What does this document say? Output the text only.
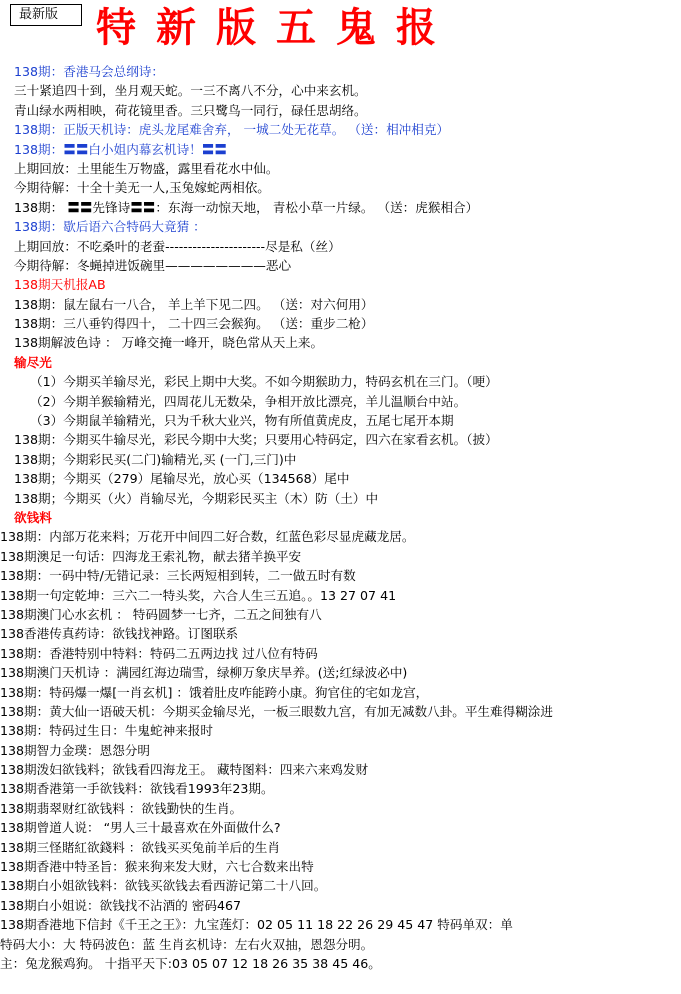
最新版 特新版五鬼报
138期：香港马会总纲诗：
三十紧追四十到，坐月观天蛇。一三不离八不分，心中来玄机。
青山绿水两相映，荷花镜里香。三只鹭鸟一同行，碌任思胡络。
138期：正版天机诗：虎头龙尾难舍弃， 一城二处无花草。 （送：相冲相克）
138期：〓〓白小姐内幕玄机诗！〓〓
上期回放：土里能生万物盛，露里看花水中仙。
今期待解：十全十美无一人,玉兔嫁蛇两相依。
138期： 〓〓先锋诗〓〓：东海一动惊天地， 青松小草一片绿。 （送：虎猴相合）
138期：歇后语六合特码大竟猜 ：
上期回放：不吃桑叶的老蚕----------------------尽是私（丝）
今期待解：冬蝇掉进饭碗里————————恶心
138期天机报AB
138期：鼠左鼠右一八合， 羊上羊下见二四。 （送：对六何用）
138期：三八垂钓得四十， 二十四三会猴狗。 （送：重步二枪）
138期解波色诗 ： 万峰交掩一峰开，晓色常从天上来。
输尽光
（1）今期买羊输尽光，彩民上期中大奖。不如今期猴助力，特码玄机在三门。（哽）
（2）今期羊猴输精光，四周花儿无数朵，争相开放比漂亮，羊儿温顺台中站。
（3）今期鼠羊输精光，只为千秋大业兴，物有所值黄虎皮，五尾七尾开本期
138期：今期买牛输尽光，彩民今期中大奖；只要用心特码定，四六在家看玄机。（披）
138期；今期彩民买(二门)输精光,买 (一门,三门)中
138期；今期买（279）尾输尽光，放心买（134568）尾中
138期；今期买（火）肖输尽光，今期彩民买主（木）防（土）中
欲钱料
138期：内部万花来料；万花开中间四二好合数，红蓝色彩尽显虎藏龙居。
138期澳足一句话：四海龙王索礼物，献去猪羊换平安
138期：一码中特/无错记录：三长两短相到转，二一做五时有数
138期一句定乾坤：三六二一特头奖，六合人生三五追。。13 27 07 41
138期澳门心水玄机 ： 特码圆梦一七齐，二五之间独有八
138香港传真药诗：欲钱找神路。订图联系
138期：香港特别中特料：特码二五两边找 过八位有特码
138期澳门天机诗 ：满园红海边瑞雪，绿柳万象庆旱养。(送;红绿波必中)
138期：特码爆一爆[一肖玄机] ：饿着肚皮咋能跨小康。狗官住的宅如龙宫，
138期：黄大仙一语破天机：今期买金输尽光，一板三眼数九宫，有加无减数八卦。平生难得糊涂进
138期：特码过生日：牛鬼蛇神来报时
138期智力金璞：恩怨分明
138期泼妇欲钱料；欲钱看四海龙王。 藏特图料：四来六来鸡发财
138期香港第一手欲钱料：欲钱看1993年23期。
138期翡翠财红欲钱料 ：欲钱勤快的生肖。
138期曾道人说： “男人三十最喜欢在外面做什么?
138期三怪賭紅欲錢料 ：欲钱买买兔前羊后的生肖
138期香港中特圣旨：猴来狗来发大财，六七合数来出特
138期白小姐欲钱料：欲钱买欲钱去看西游记第二十八回。
138期白小姐说：欲钱找不沾酒的 密码467
138期香港地下信封《千王之王》：九宝莲灯：02 05 11 18 22 26 29 45 47 特码单双：单
特码大小：大 特码波色：蓝 生肖玄机诗：左右火双抽，恩怨分明。
主：兔龙猴鸡狗。 十指平天下:03 05 07 12 18 26 35 38 45 46。
